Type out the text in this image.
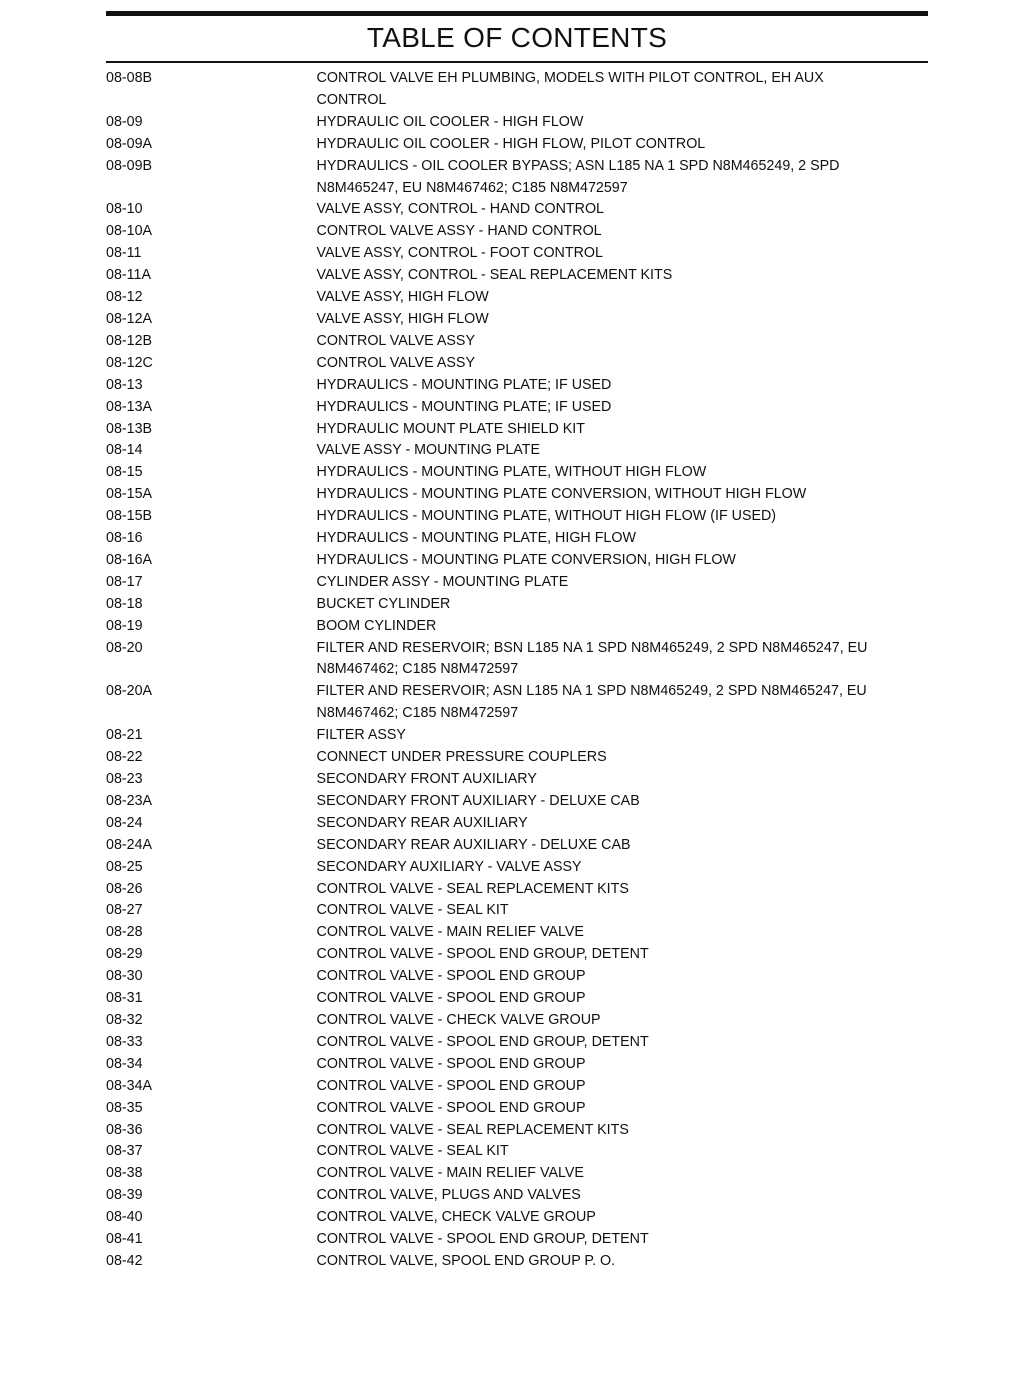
TABLE OF CONTENTS
08-08B	CONTROL VALVE EH PLUMBING, MODELS WITH PILOT CONTROL, EH AUX
CONTROL
08-09	HYDRAULIC OIL COOLER - HIGH FLOW
08-09A	HYDRAULIC OIL COOLER - HIGH FLOW, PILOT CONTROL
08-09B	HYDRAULICS - OIL COOLER BYPASS; ASN L185 NA 1 SPD N8M465249, 2 SPD
N8M465247, EU N8M467462; C185 N8M472597
08-10	VALVE ASSY, CONTROL - HAND CONTROL
08-10A	CONTROL VALVE ASSY - HAND CONTROL
08-11	VALVE ASSY, CONTROL - FOOT CONTROL
08-11A	VALVE ASSY, CONTROL - SEAL REPLACEMENT KITS
08-12	VALVE ASSY, HIGH FLOW
08-12A	VALVE ASSY, HIGH FLOW
08-12B	CONTROL VALVE ASSY
08-12C	CONTROL VALVE ASSY
08-13	HYDRAULICS - MOUNTING PLATE; IF USED
08-13A	HYDRAULICS - MOUNTING PLATE; IF USED
08-13B	HYDRAULIC MOUNT PLATE SHIELD KIT
08-14	VALVE ASSY - MOUNTING PLATE
08-15	HYDRAULICS - MOUNTING PLATE, WITHOUT HIGH FLOW
08-15A	HYDRAULICS - MOUNTING PLATE CONVERSION, WITHOUT HIGH FLOW
08-15B	HYDRAULICS - MOUNTING PLATE, WITHOUT HIGH FLOW (IF USED)
08-16	HYDRAULICS - MOUNTING PLATE, HIGH FLOW
08-16A	HYDRAULICS - MOUNTING PLATE CONVERSION, HIGH FLOW
08-17	CYLINDER ASSY - MOUNTING PLATE
08-18	BUCKET CYLINDER
08-19	BOOM CYLINDER
08-20	FILTER AND RESERVOIR; BSN L185 NA 1 SPD N8M465249, 2 SPD N8M465247, EU
N8M467462; C185 N8M472597
08-20A	FILTER AND RESERVOIR; ASN L185 NA 1 SPD N8M465249, 2 SPD N8M465247, EU
N8M467462; C185 N8M472597
08-21	FILTER ASSY
08-22	CONNECT UNDER PRESSURE COUPLERS
08-23	SECONDARY FRONT AUXILIARY
08-23A	SECONDARY FRONT AUXILIARY - DELUXE CAB
08-24	SECONDARY REAR AUXILIARY
08-24A	SECONDARY REAR AUXILIARY - DELUXE CAB
08-25	SECONDARY AUXILIARY - VALVE ASSY
08-26	CONTROL VALVE - SEAL REPLACEMENT KITS
08-27	CONTROL VALVE - SEAL KIT
08-28	CONTROL VALVE - MAIN RELIEF VALVE
08-29	CONTROL VALVE - SPOOL END GROUP, DETENT
08-30	CONTROL VALVE - SPOOL END GROUP
08-31	CONTROL VALVE - SPOOL END GROUP
08-32	CONTROL VALVE - CHECK VALVE GROUP
08-33	CONTROL VALVE - SPOOL END GROUP, DETENT
08-34	CONTROL VALVE - SPOOL END GROUP
08-34A	CONTROL VALVE - SPOOL END GROUP
08-35	CONTROL VALVE - SPOOL END GROUP
08-36	CONTROL VALVE - SEAL REPLACEMENT KITS
08-37	CONTROL VALVE - SEAL KIT
08-38	CONTROL VALVE - MAIN RELIEF VALVE
08-39	CONTROL VALVE, PLUGS AND VALVES
08-40	CONTROL VALVE, CHECK VALVE GROUP
08-41	CONTROL VALVE - SPOOL END GROUP, DETENT
08-42	CONTROL VALVE, SPOOL END GROUP P. O.
